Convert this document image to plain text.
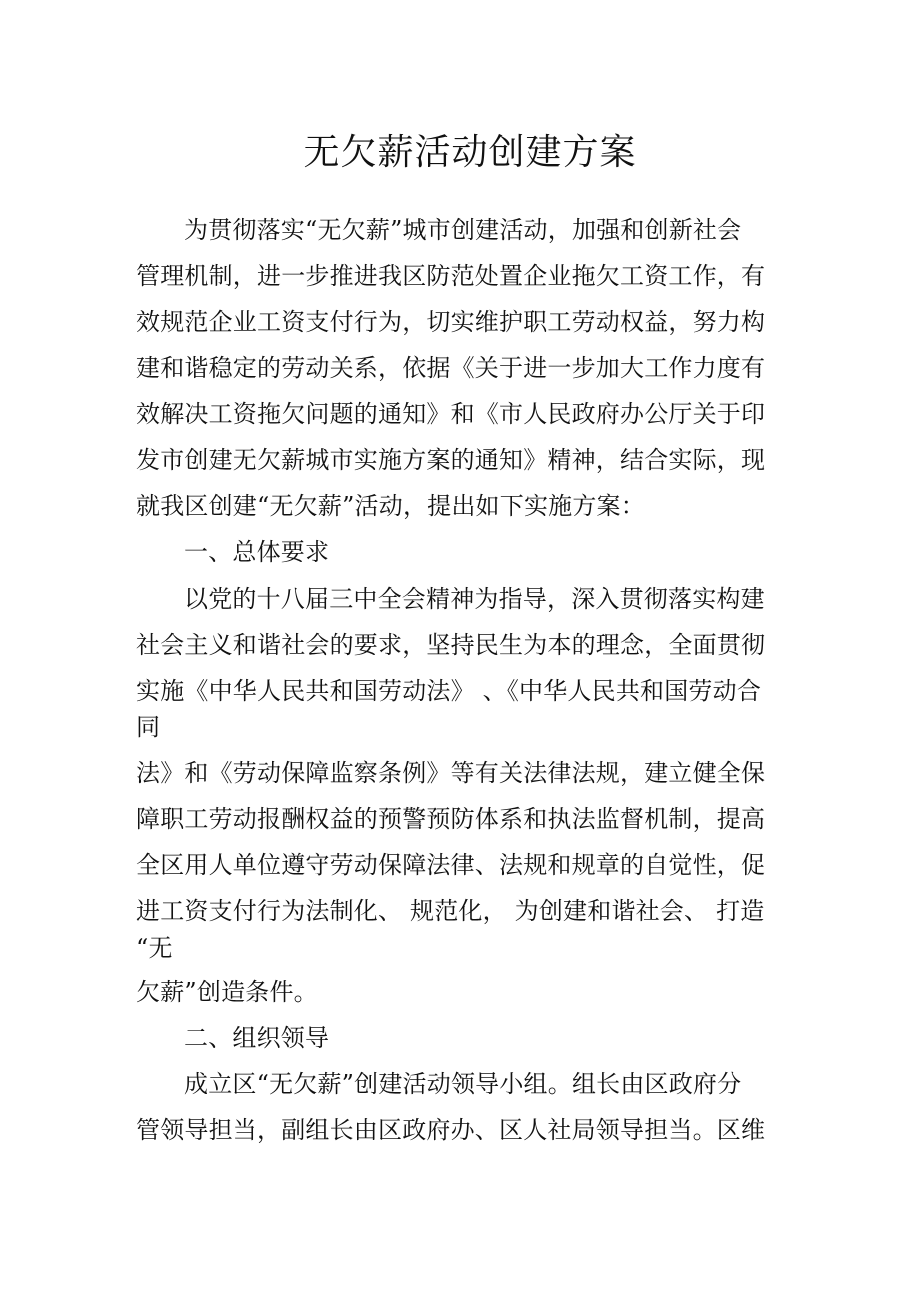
无欠薪活动创建方案
为贯彻落实“无欠薪”城市创建活动，加强和创新社会
管理机制，进一步推进我区防范处置企业拖欠工资工作，有
效规范企业工资支付行为，切实维护职工劳动权益，努力构
建和谐稳定的劳动关系，依据《关于进一步加大工作力度有
效解决工资拖欠问题的通知》和《市人民政府办公厅关于印
发市创建无欠薪城市实施方案的通知》精神，结合实际，现
就我区创建“无欠薪”活动，提出如下实施方案：
一、总体要求
以党的十八届三中全会精神为指导，深入贯彻落实构建
社会主义和谐社会的要求，坚持民生为本的理念，全面贯彻
实施《中华人民共和国劳动法》 、《中华人民共和国劳动合
同
法》和《劳动保障监察条例》等有关法律法规，建立健全保
障职工劳动报酬权益的预警预防体系和执法监督机制，提高
全区用人单位遵守劳动保障法律、法规和规章的自觉性，促
进工资支付行为法制化、 规范化， 为创建和谐社会、 打造
“无
欠薪”创造条件。
二、组织领导
成立区“无欠薪”创建活动领导小组。组长由区政府分
管领导担当，副组长由区政府办、区人社局领导担当。区维
